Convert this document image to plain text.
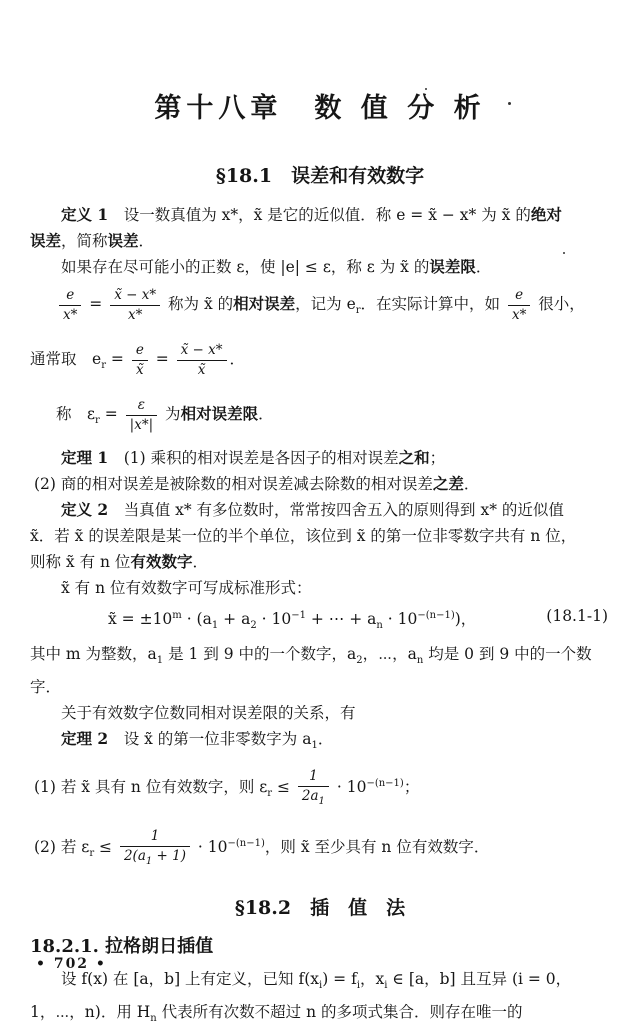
第十八章　数 值 分 析
§18.1　误差和有效数字
定义 1　设一数真值为 x*，x̃ 是它的近似值．称 e = x̃ − x* 为 x̃ 的绝对
误差，简称误差．
如果存在尽可能小的正数 ε，使 |e| ≤ ε，称 ε 为 x̃ 的误差限．
$\frac{e}{x*} = \frac{x̃ - x*}{x*}$ 称为 x̃ 的相对误差，记为 $e_r$．在实际计算中，如 $\frac{e}{x*}$ 很小，
通常取　$e_r = \frac{e}{x̃} = \frac{x̃ - x*}{x̃}$ ．
称　$\varepsilon_r = \frac{\varepsilon}{|x*|}$ 为相对误差限．
定理 1　(1) 乘积的相对误差是各因子的相对误差之和；
(2) 商的相对误差是被除数的相对误差减去除数的相对误差之差．
定义 2　当真值 x* 有多位数时，常常按四舍五入的原则得到 x* 的近似值
x̃．若 x̃ 的误差限是某一位的半个单位，该位到 x̃ 的第一位非零数字共有 n 位，
则称 x̃ 有 n 位有效数字．
x̃ 有 n 位有效数字可写成标准形式：
x̃ = $\pm 10^m \cdot (a_1 + a_2 \cdot 10^{-1}$ + ⋯ + $a_n \cdot 10^{-(n-1)}$)，	(18.1-1)
其中 m 为整数，$a_1$ 是 1 到 9 中的一个数字，$a_2$，⋯，$a_n$ 均是 0 到 9 中的一个数
字．
关于有效数字位数同相对误差限的关系，有
定理 2　设 x̃ 的第一位非零数字为 $a_1$．
(1) 若 x̃ 具有 n 位有效数字，则 $\varepsilon_r \le \frac{1}{2a_1} \cdot 10^{-(n-1)}$；
(2) 若 $\varepsilon_r \le \frac{1}{2(a_1 + 1)} \cdot 10^{-(n-1)}$，则 x̃ 至少具有 n 位有效数字．
§18.2　插　值　法
18.2.1. 拉格朗日插值
设 f(x) 在 [a，b] 上有定义，已知 $f(x_i) = f_i$，$x_i$ ∈ [a，b] 且互异 (i = 0，
1，⋯，n)．用 $H_n$ 代表所有次数不超过 n 的多项式集合．则存在唯一的
• 702 •
